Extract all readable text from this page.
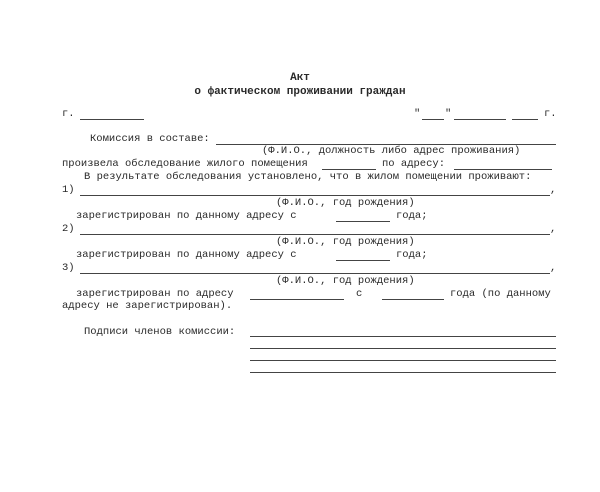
Акт
о фактическом проживании граждан
г.	" "	г.
Комиссия в составе:
(Ф.И.О., должность либо адрес проживания)
произвела обследование жилого помещения	по адресу:
В результате обследования установлено, что в жилом помещении проживают:
1)	,
(Ф.И.О., год рождения)
зарегистрирован по данному адресу с	года;
2)	,
(Ф.И.О., год рождения)
зарегистрирован по данному адресу с	года;
3)	,
(Ф.И.О., год рождения)
зарегистрирован по адресу	с	года (по данному
адресу не зарегистрирован).
Подписи членов комиссии:
